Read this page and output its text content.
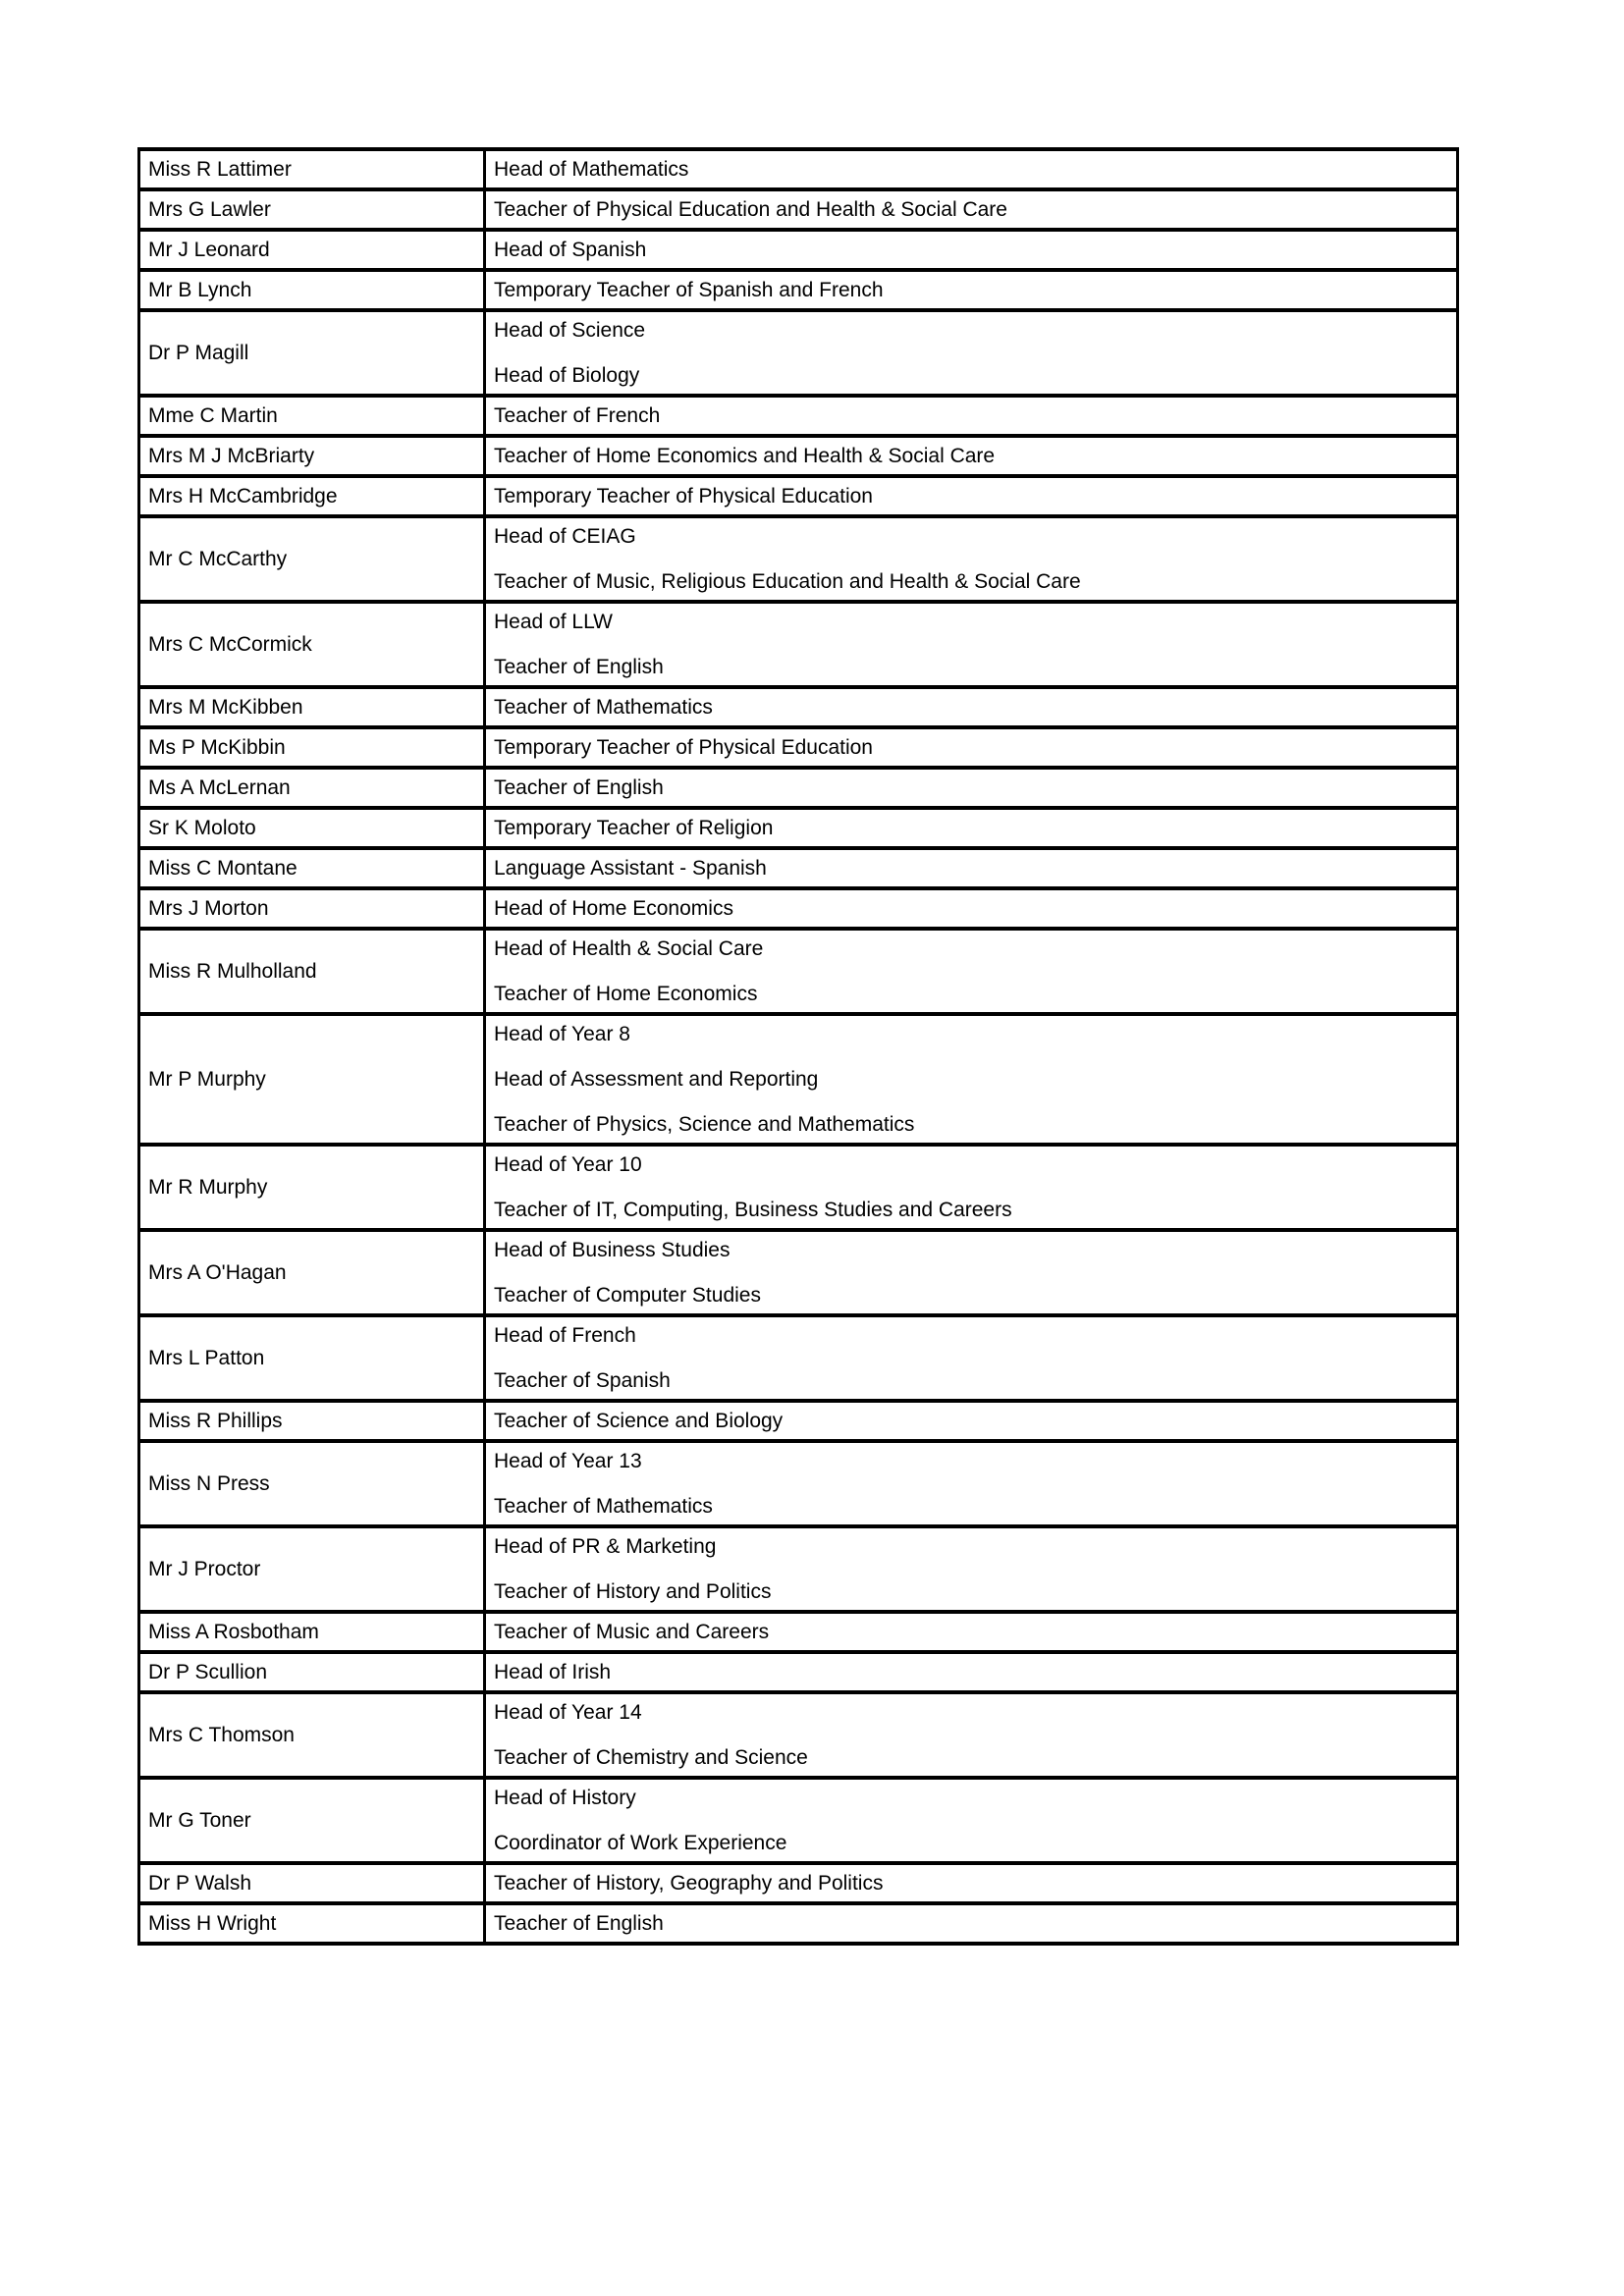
Miss R Lattimer	Head of Mathematics

Mrs G Lawler	Teacher of Physical Education and Health & Social Care

Mr J Leonard	Head of Spanish

Mr B Lynch	Temporary Teacher of Spanish and French

Dr P Magill	Head of Science
Head of Biology

Mme C Martin	Teacher of French

Mrs M J McBriarty	Teacher of Home Economics and Health & Social Care

Mrs H McCambridge	Temporary Teacher of Physical Education

Mr C McCarthy	Head of CEIAG
Teacher of Music, Religious Education and Health & Social Care

Mrs C McCormick	Head of LLW
Teacher of English

Mrs M McKibben	Teacher of Mathematics

Ms P McKibbin	Temporary Teacher of Physical Education

Ms A McLernan	Teacher of English

Sr K Moloto	Temporary Teacher of Religion

Miss C Montane	Language Assistant - Spanish

Mrs J Morton	Head of Home Economics

Miss R Mulholland	Head of Health & Social Care
Teacher of Home Economics

Mr P Murphy	Head of Year 8
Head of Assessment and Reporting
Teacher of Physics, Science and Mathematics

Mr R Murphy	Head of Year 10
Teacher of IT, Computing, Business Studies and Careers

Mrs A O'Hagan	Head of Business Studies
Teacher of Computer Studies

Mrs L Patton	Head of French
Teacher of Spanish

Miss R Phillips	Teacher of Science and Biology

Miss N Press	Head of Year 13
Teacher of Mathematics

Mr J Proctor	Head of PR & Marketing
Teacher of History and Politics

Miss A Rosbotham	Teacher of Music and Careers

Dr P Scullion	Head of Irish

Mrs C Thomson	Head of Year 14
Teacher of Chemistry and Science

Mr G Toner	Head of History
Coordinator of Work Experience

Dr P Walsh	Teacher of History, Geography and Politics

Miss H Wright	Teacher of English
